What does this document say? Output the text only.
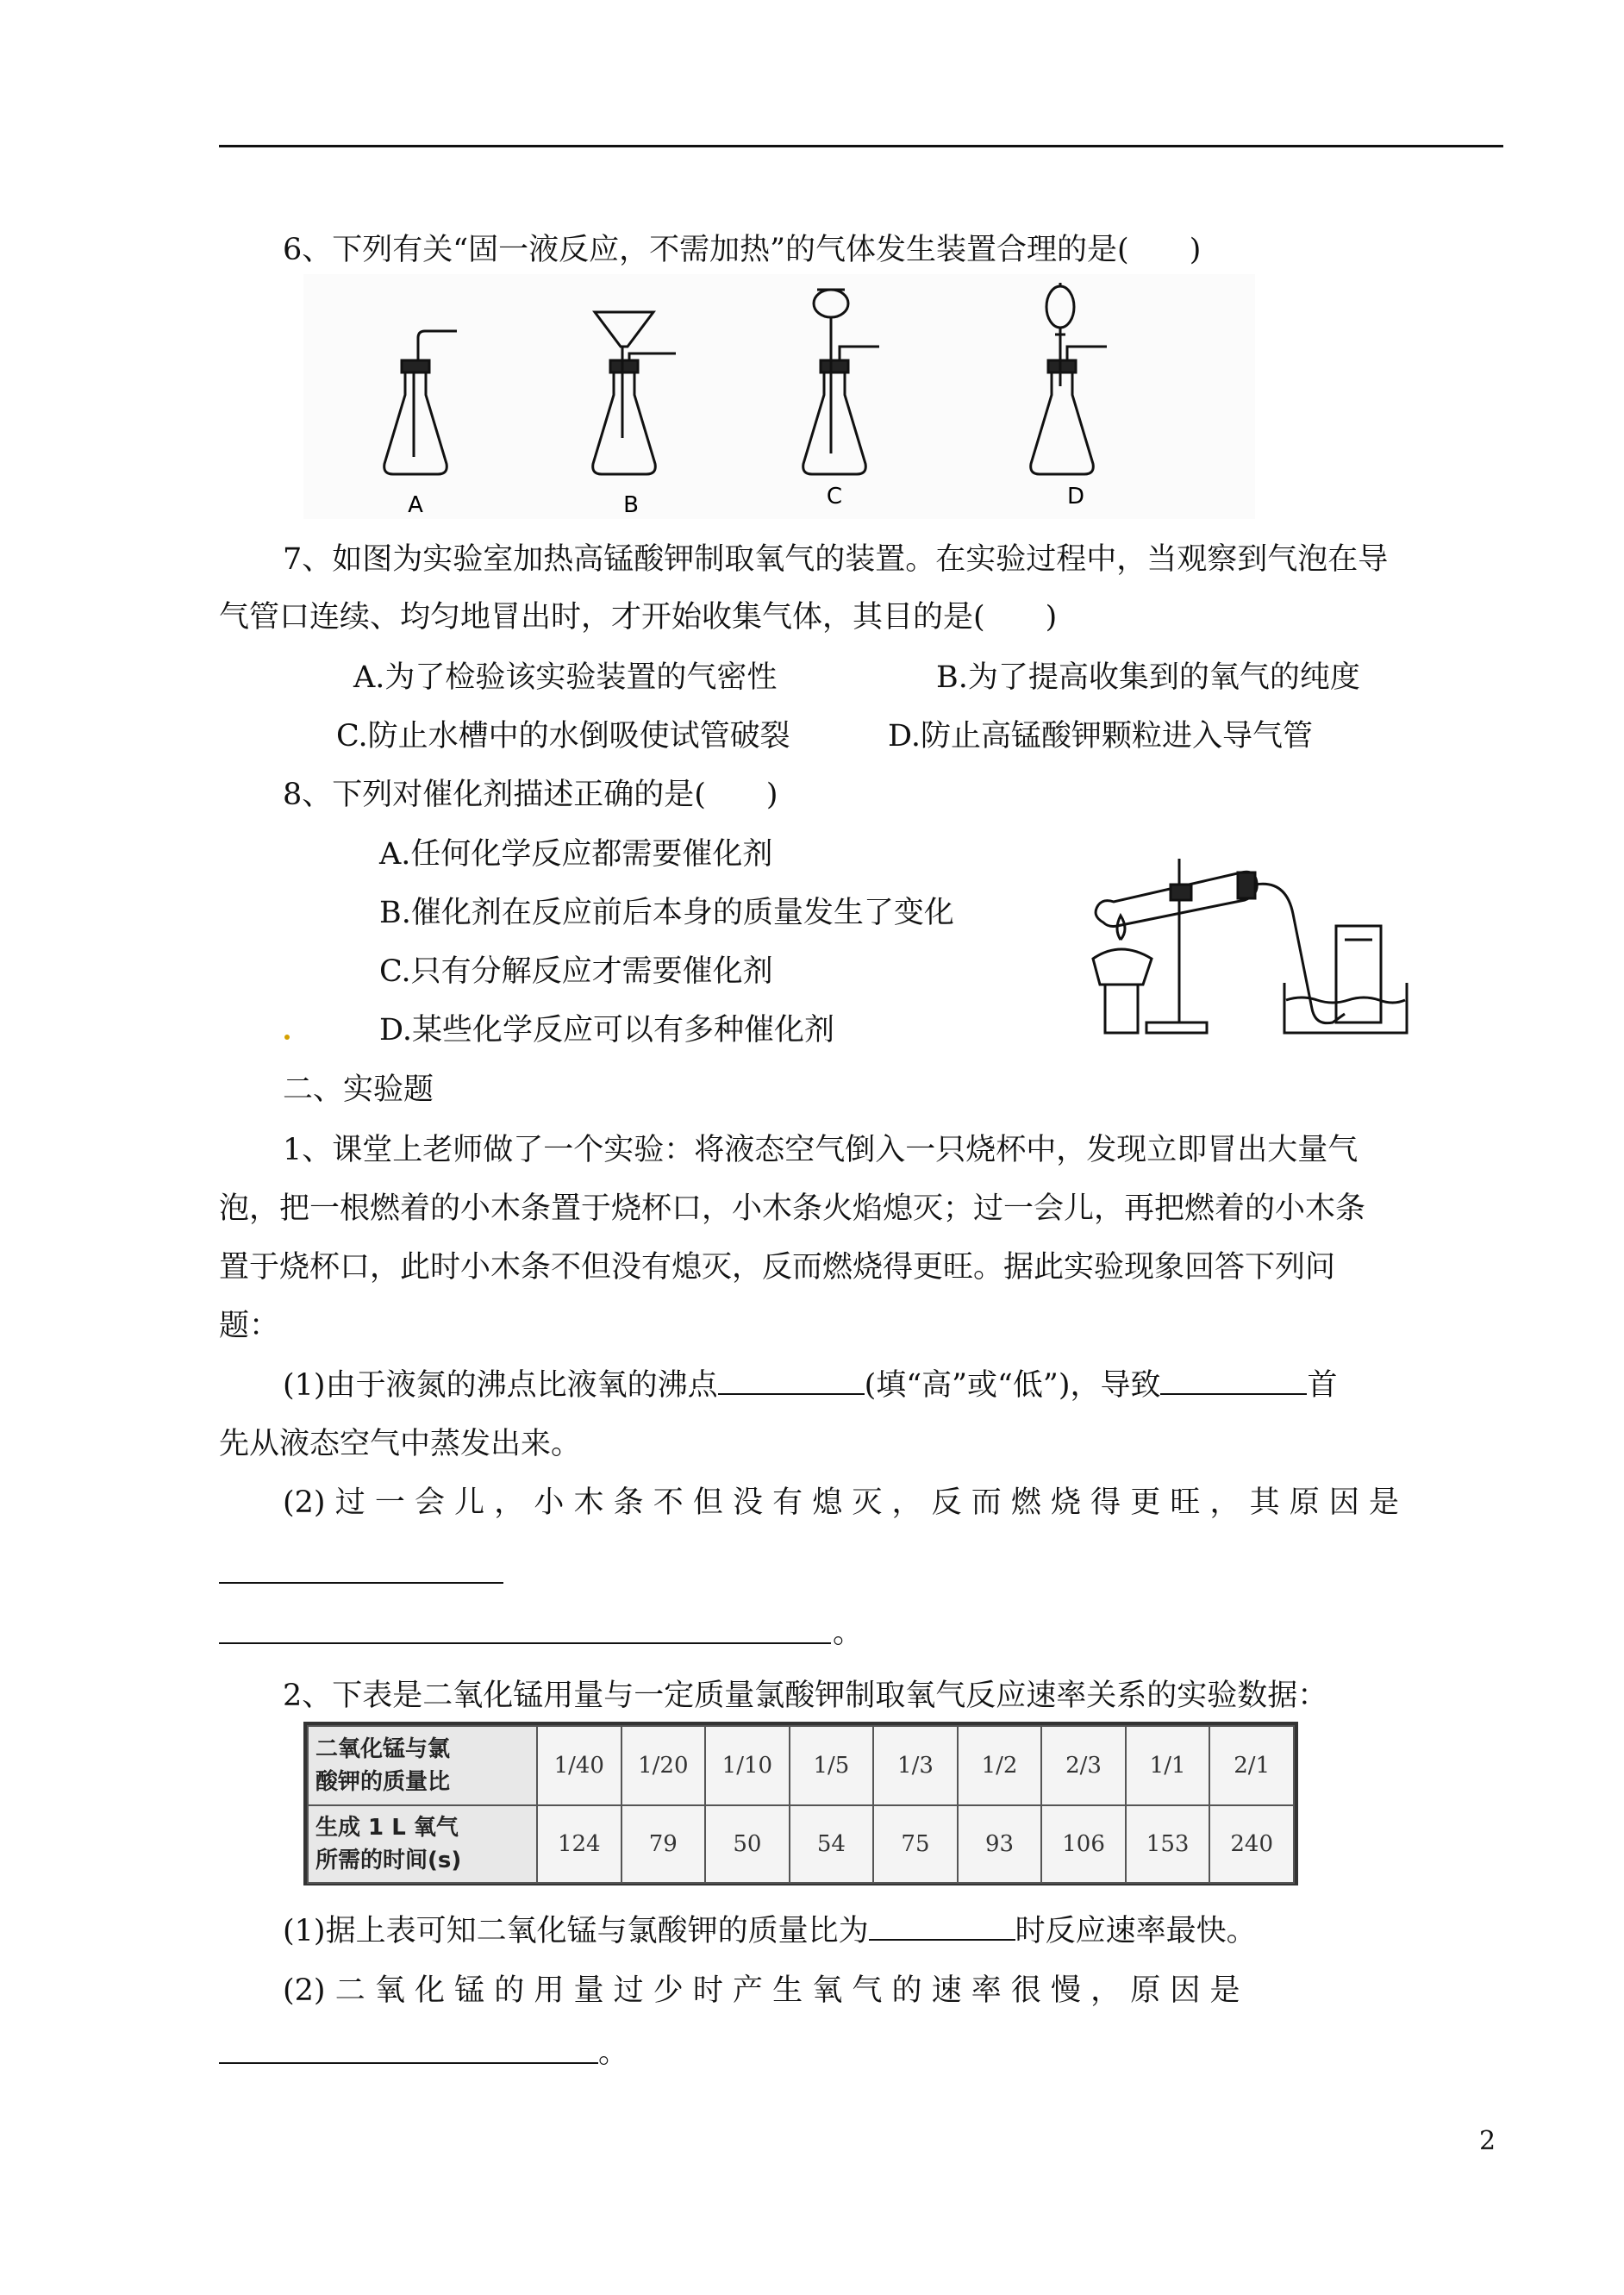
6、下列有关“固一液反应，不需加热”的气体发生装置合理的是(　　)
A	B	C	D
7、如图为实验室加热高锰酸钾制取氧气的装置。在实验过程中，当观察到气泡在导
气管口连续、均匀地冒出时，才开始收集气体，其目的是(　　)
A.为了检验该实验装置的气密性	B.为了提高收集到的氧气的纯度
C.防止水槽中的水倒吸使试管破裂	D.防止高锰酸钾颗粒进入导气管
8、下列对催化剂描述正确的是(　　)
A.任何化学反应都需要催化剂
B.催化剂在反应前后本身的质量发生了变化
C.只有分解反应才需要催化剂
D.某些化学反应可以有多种催化剂
二、实验题
1、课堂上老师做了一个实验：将液态空气倒入一只烧杯中，发现立即冒出大量气
泡，把一根燃着的小木条置于烧杯口，小木条火焰熄灭；过一会儿，再把燃着的小木条
置于烧杯口，此时小木条不但没有熄灭，反而燃烧得更旺。据此实验现象回答下列问
题：
(1)由于液氮的沸点比液氧的沸点	(填“高”或“低”)，导致	首
先从液态空气中蒸发出来。
(2) 过 一 会 儿 ， 小 木 条 不 但 没 有 熄 灭 ， 反 而 燃 烧 得 更 旺 ， 其 原 因 是
。
2、下表是二氧化锰用量与一定质量氯酸钾制取氧气反应速率关系的实验数据：
二氧化锰与氯
酸钾的质量比	1/40	1/20	1/10	1/5	1/3	1/2	2/3	1/1	2/1

生成 1 L 氧气
所需的时间(s)	124	79	50	54	75	93	106	153	240
(1)据上表可知二氧化锰与氯酸钾的质量比为	时反应速率最快。
(2) 二 氧 化 锰 的 用 量 过 少 时 产 生 氧 气 的 速 率 很 慢 ， 原 因 是
。
2
